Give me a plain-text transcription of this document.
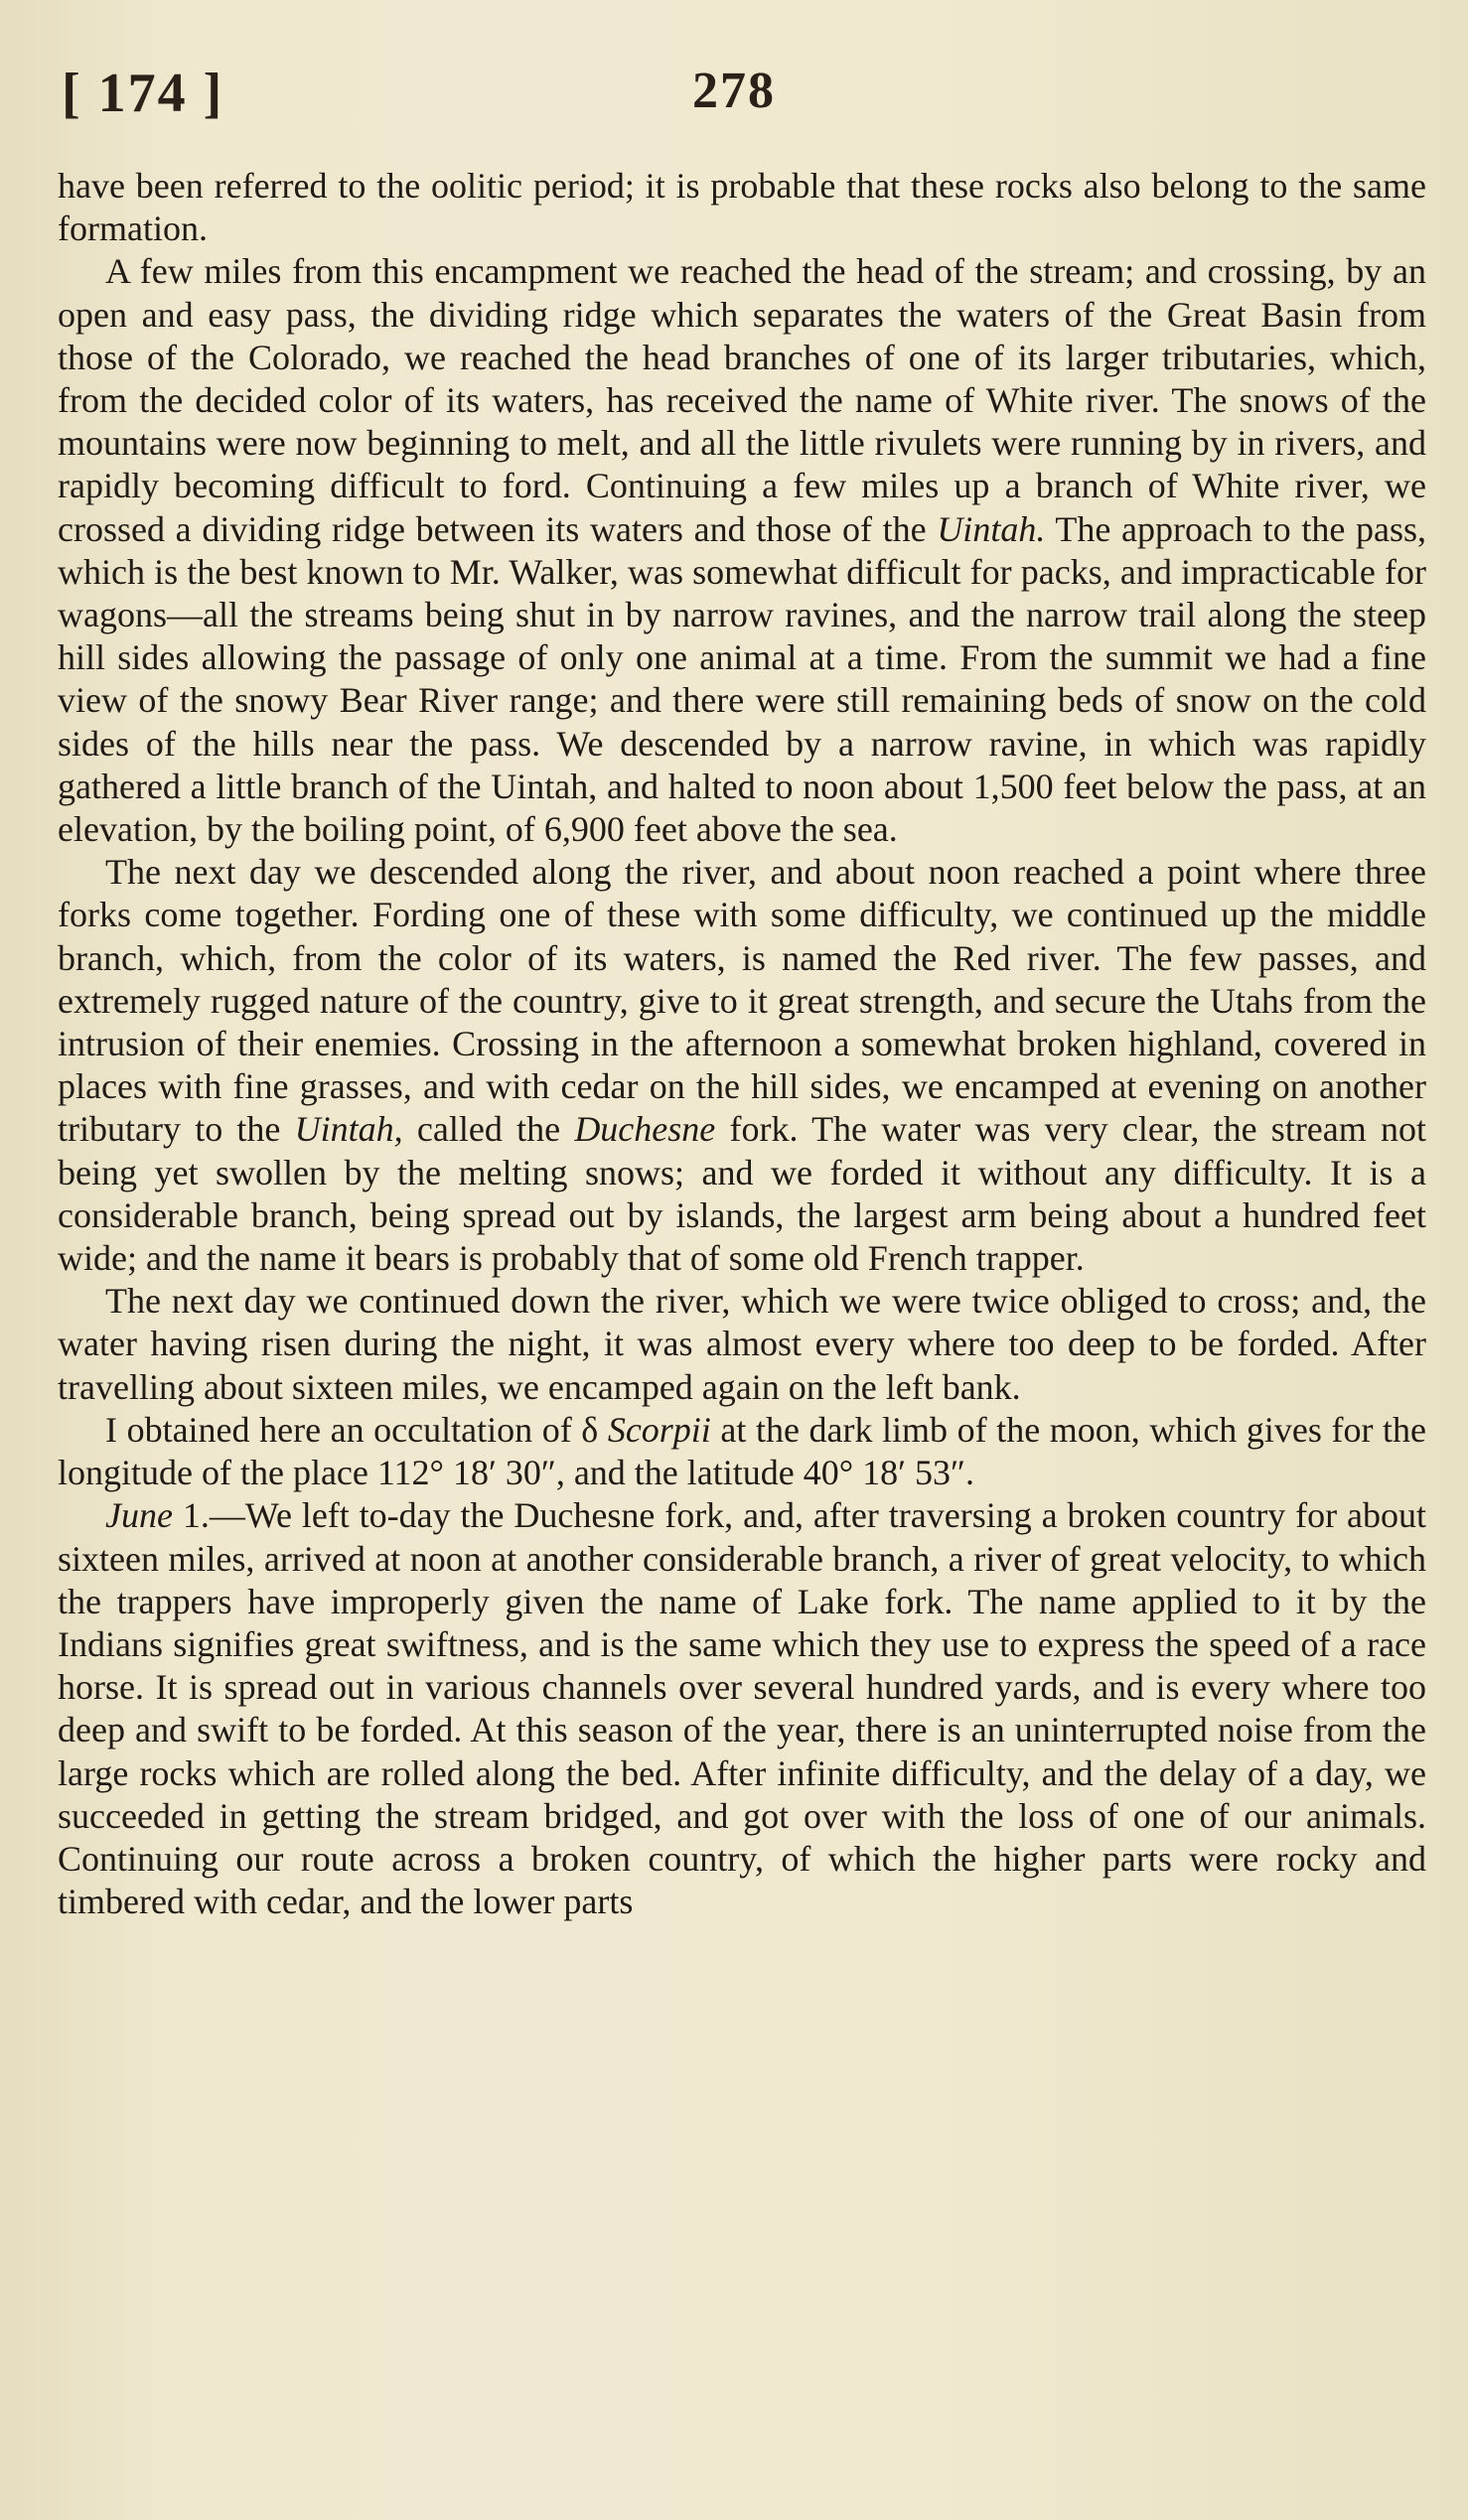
[ 174 ]	278

have been referred to the oolitic period; it is probable that these rocks also belong to the same formation.

A few miles from this encampment we reached the head of the stream; and crossing, by an open and easy pass, the dividing ridge which separates the waters of the Great Basin from those of the Colorado, we reached the head branches of one of its larger tributaries, which, from the decided color of its waters, has received the name of White river. The snows of the mountains were now beginning to melt, and all the little rivulets were running by in rivers, and rapidly becoming difficult to ford. Continuing a few miles up a branch of White river, we crossed a dividing ridge between its waters and those of the Uintah. The approach to the pass, which is the best known to Mr. Walker, was somewhat difficult for packs, and impracticable for wagons—all the streams being shut in by narrow ravines, and the narrow trail along the steep hill sides allowing the passage of only one animal at a time. From the summit we had a fine view of the snowy Bear River range; and there were still remaining beds of snow on the cold sides of the hills near the pass. We descended by a narrow ravine, in which was rapidly gathered a little branch of the Uintah, and halted to noon about 1,500 feet below the pass, at an elevation, by the boiling point, of 6,900 feet above the sea.

The next day we descended along the river, and about noon reached a point where three forks come together. Fording one of these with some difficulty, we continued up the middle branch, which, from the color of its waters, is named the Red river. The few passes, and extremely rugged nature of the country, give to it great strength, and secure the Utahs from the intrusion of their enemies. Crossing in the afternoon a somewhat broken highland, covered in places with fine grasses, and with cedar on the hill sides, we encamped at evening on another tributary to the Uintah, called the Duchesne fork. The water was very clear, the stream not being yet swollen by the melting snows; and we forded it without any difficulty. It is a considerable branch, being spread out by islands, the largest arm being about a hundred feet wide; and the name it bears is probably that of some old French trapper.

The next day we continued down the river, which we were twice obliged to cross; and, the water having risen during the night, it was almost every where too deep to be forded. After travelling about sixteen miles, we encamped again on the left bank.

I obtained here an occultation of δ Scorpii at the dark limb of the moon, which gives for the longitude of the place 112° 18′ 30″, and the latitude 40° 18′ 53″.

June 1.—We left to-day the Duchesne fork, and, after traversing a broken country for about sixteen miles, arrived at noon at another considerable branch, a river of great velocity, to which the trappers have improperly given the name of Lake fork. The name applied to it by the Indians signifies great swiftness, and is the same which they use to express the speed of a race horse. It is spread out in various channels over several hundred yards, and is every where too deep and swift to be forded. At this season of the year, there is an uninterrupted noise from the large rocks which are rolled along the bed. After infinite difficulty, and the delay of a day, we succeeded in getting the stream bridged, and got over with the loss of one of our animals. Continuing our route across a broken country, of which the higher parts were rocky and timbered with cedar, and the lower parts
